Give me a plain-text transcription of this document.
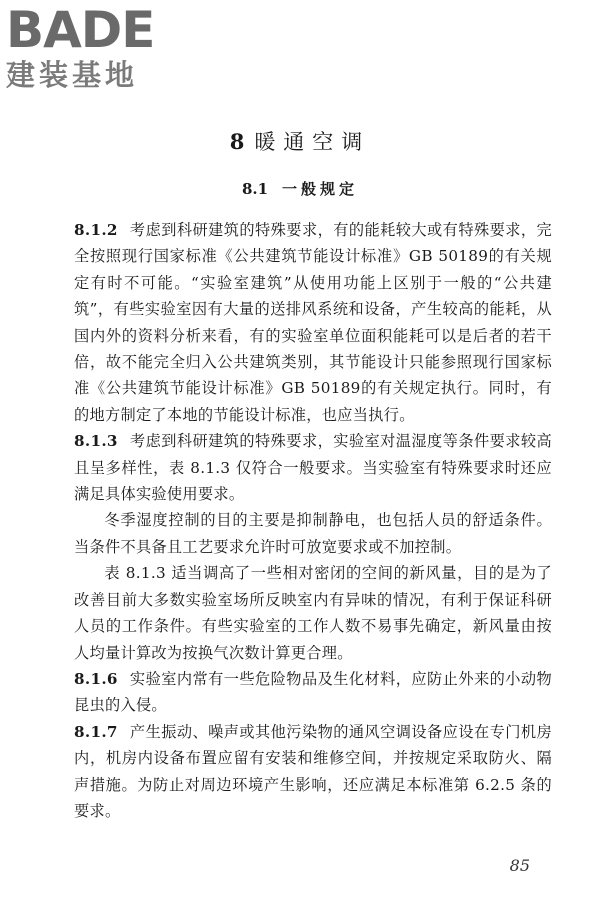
BADE
建装基地
8 暖通空调
8.1 一般规定

8.1.2 考虑到科研建筑的特殊要求，有的能耗较大或有特殊要求，完全按照现行国家标准《公共建筑节能设计标准》GB 50189的有关规定有时不可能。“实验室建筑”从使用功能上区别于一般的“公共建筑”，有些实验室因有大量的送排风系统和设备，产生较高的能耗，从国内外的资料分析来看，有的实验室单位面积能耗可以是后者的若干倍，故不能完全归入公共建筑类别，其节能设计只能参照现行国家标准《公共建筑节能设计标准》GB 50189的有关规定执行。同时，有的地方制定了本地的节能设计标准，也应当执行。

8.1.3 考虑到科研建筑的特殊要求，实验室对温湿度等条件要求较高且呈多样性，表 8.1.3 仅符合一般要求。当实验室有特殊要求时还应满足具体实验使用要求。

冬季湿度控制的目的主要是抑制静电，也包括人员的舒适条件。当条件不具备且工艺要求允许时可放宽要求或不加控制。

表 8.1.3 适当调高了一些相对密闭的空间的新风量，目的是为了改善目前大多数实验室场所反映室内有异味的情况，有利于保证科研人员的工作条件。有些实验室的工作人数不易事先确定，新风量由按人均量计算改为按换气次数计算更合理。

8.1.6 实验室内常有一些危险物品及生化材料，应防止外来的小动物昆虫的入侵。

8.1.7 产生振动、噪声或其他污染物的通风空调设备应设在专门机房内，机房内设备布置应留有安装和维修空间，并按规定采取防火、隔声措施。为防止对周边环境产生影响，还应满足本标准第 6.2.5 条的要求。

85
